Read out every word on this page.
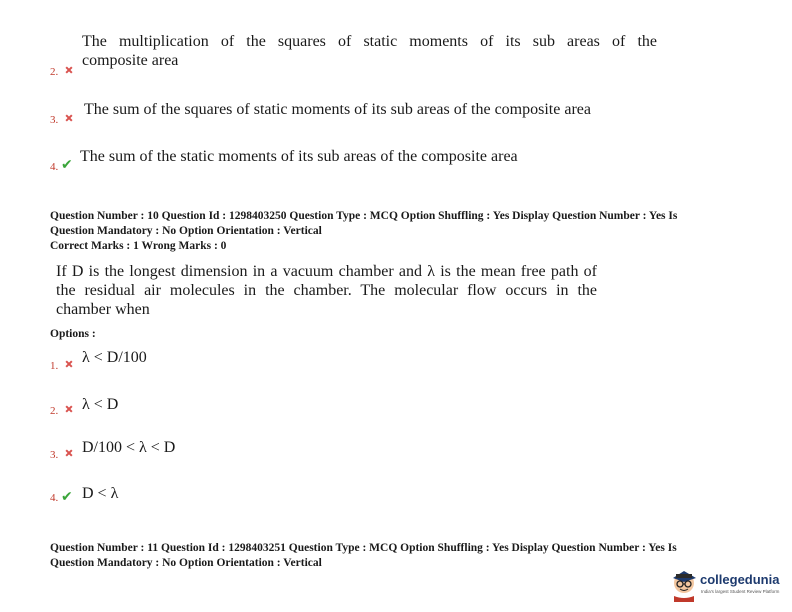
2.
The multiplication of the squares of static moments of its sub areas of the
composite area
3.
The sum of the squares of static moments of its sub areas of the composite area
4. ✔ The sum of the static moments of its sub areas of the composite area
Question Number : 10 Question Id : 1298403250 Question Type : MCQ Option Shuffling : Yes Display Question Number : Yes Is
Question Mandatory : No Option Orientation : Vertical
Correct Marks : 1 Wrong Marks : 0
If D is the longest dimension in a vacuum chamber and λ is the mean free path of
the residual air molecules in the chamber. The molecular flow occurs in the
chamber when
Options :
1. λ < D/100
2. λ < D
3. D/100 < λ < D
4. ✔ D < λ
Question Number : 11 Question Id : 1298403251 Question Type : MCQ Option Shuffling : Yes Display Question Number : Yes Is
Question Mandatory : No Option Orientation : Vertical
collegedunia
India's largest Student Review Platform
